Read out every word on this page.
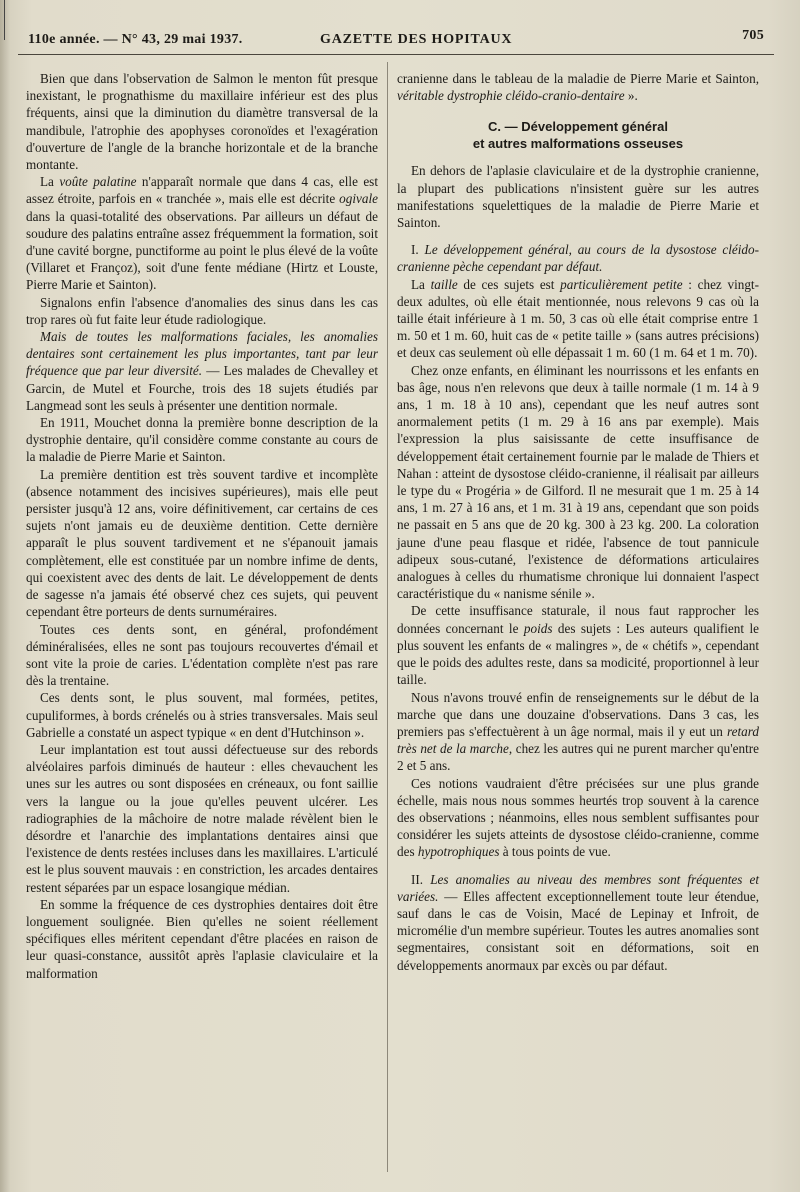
110e année. — N° 43, 29 mai 1937.	GAZETTE DES HOPITAUX	705

Bien que dans l'observation de Salmon le menton fût presque inexistant, le prognathisme du maxillaire inférieur est des plus fréquents, ainsi que la diminution du diamètre transversal de la mandibule, l'atrophie des apophyses coronoïdes et l'exagération d'ouverture de l'angle de la branche horizontale et de la branche montante.

La voûte palatine n'apparaît normale que dans 4 cas, elle est assez étroite, parfois en « tranchée », mais elle est décrite ogivale dans la quasi-totalité des observations. Par ailleurs un défaut de soudure des palatins entraîne assez fréquemment la formation, soit d'une cavité borgne, punctiforme au point le plus élevé de la voûte (Villaret et Françoz), soit d'une fente médiane (Hirtz et Louste, Pierre Marie et Sainton).

Signalons enfin l'absence d'anomalies des sinus dans les cas trop rares où fut faite leur étude radiologique.

Mais de toutes les malformations faciales, les anomalies dentaires sont certainement les plus importantes, tant par leur fréquence que par leur diversité. — Les malades de Chevalley et Garcin, de Mutel et Fourche, trois des 18 sujets étudiés par Langmead sont les seuls à présenter une dentition normale.

En 1911, Mouchet donna la première bonne description de la dystrophie dentaire, qu'il considère comme constante au cours de la maladie de Pierre Marie et Sainton.

La première dentition est très souvent tardive et incomplète (absence notamment des incisives supérieures), mais elle peut persister jusqu'à 12 ans, voire définitivement, car certains de ces sujets n'ont jamais eu de deuxième dentition. Cette dernière apparaît le plus souvent tardivement et ne s'épanouit jamais complètement, elle est constituée par un nombre infime de dents, qui coexistent avec des dents de lait. Le développement de dents de sagesse n'a jamais été observé chez ces sujets, qui peuvent cependant être porteurs de dents surnuméraires.

Toutes ces dents sont, en général, profondément déminéralisées, elles ne sont pas toujours recouvertes d'émail et sont vite la proie de caries. L'édentation complète n'est pas rare dès la trentaine.

Ces dents sont, le plus souvent, mal formées, petites, cupuliformes, à bords crénelés ou à stries transversales. Mais seul Gabrielle a constaté un aspect typique « en dent d'Hutchinson ».

Leur implantation est tout aussi défectueuse sur des rebords alvéolaires parfois diminués de hauteur : elles chevauchent les unes sur les autres ou sont disposées en créneaux, ou font saillie vers la langue ou la joue qu'elles peuvent ulcérer. Les radiographies de la mâchoire de notre malade révèlent bien le désordre et l'anarchie des implantations dentaires ainsi que l'existence de dents restées incluses dans les maxillaires. L'articulé est le plus souvent mauvais : en constriction, les arcades dentaires restent séparées par un espace losangique médian.

En somme la fréquence de ces dystrophies dentaires doit être longuement soulignée. Bien qu'elles ne soient réellement spécifiques elles méritent cependant d'être placées en raison de leur quasi-constance, aussitôt après l'aplasie claviculaire et la malformation

cranienne dans le tableau de la maladie de Pierre Marie et Sainton, véritable dystrophie cléido-cranio-dentaire ».

C. — Développement général
et autres malformations osseuses

En dehors de l'aplasie claviculaire et de la dystrophie cranienne, la plupart des publications n'insistent guère sur les autres manifestations squelettiques de la maladie de Pierre Marie et Sainton.

I. Le développement général, au cours de la dysostose cléido-cranienne pèche cependant par défaut.

La taille de ces sujets est particulièrement petite : chez vingt-deux adultes, où elle était mentionnée, nous relevons 9 cas où la taille était inférieure à 1 m. 50, 3 cas où elle était comprise entre 1 m. 50 et 1 m. 60, huit cas de « petite taille » (sans autres précisions) et deux cas seulement où elle dépassait 1 m. 60 (1 m. 64 et 1 m. 70).

Chez onze enfants, en éliminant les nourrissons et les enfants en bas âge, nous n'en relevons que deux à taille normale (1 m. 14 à 9 ans, 1 m. 18 à 10 ans), cependant que les neuf autres sont anormalement petits (1 m. 29 à 16 ans par exemple). Mais l'expression la plus saisissante de cette insuffisance de développement était certainement fournie par le malade de Thiers et Nahan : atteint de dysostose cléido-cranienne, il réalisait par ailleurs le type du « Progéria » de Gilford. Il ne mesurait que 1 m. 25 à 14 ans, 1 m. 27 à 16 ans, et 1 m. 31 à 19 ans, cependant que son poids ne passait en 5 ans que de 20 kg. 300 à 23 kg. 200. La coloration jaune d'une peau flasque et ridée, l'absence de tout pannicule adipeux sous-cutané, l'existence de déformations articulaires analogues à celles du rhumatisme chronique lui donnaient l'aspect caractéristique du « nanisme sénile ».

De cette insuffisance staturale, il nous faut rapprocher les données concernant le poids des sujets : Les auteurs qualifient le plus souvent les enfants de « malingres », de « chétifs », cependant que le poids des adultes reste, dans sa modicité, proportionnel à leur taille.

Nous n'avons trouvé enfin de renseignements sur le début de la marche que dans une douzaine d'observations. Dans 3 cas, les premiers pas s'effectuèrent à un âge normal, mais il y eut un retard très net de la marche, chez les autres qui ne purent marcher qu'entre 2 et 5 ans.

Ces notions vaudraient d'être précisées sur une plus grande échelle, mais nous nous sommes heurtés trop souvent à la carence des observations ; néanmoins, elles nous semblent suffisantes pour considérer les sujets atteints de dysostose cléido-cranienne, comme des hypotrophiques à tous points de vue.

II. Les anomalies au niveau des membres sont fréquentes et variées. — Elles affectent exceptionnellement toute leur étendue, sauf dans le cas de Voisin, Macé de Lepinay et Infroit, de micromélie d'un membre supérieur. Toutes les autres anomalies sont segmentaires, consistant soit en déformations, soit en développements anormaux par excès ou par défaut.
